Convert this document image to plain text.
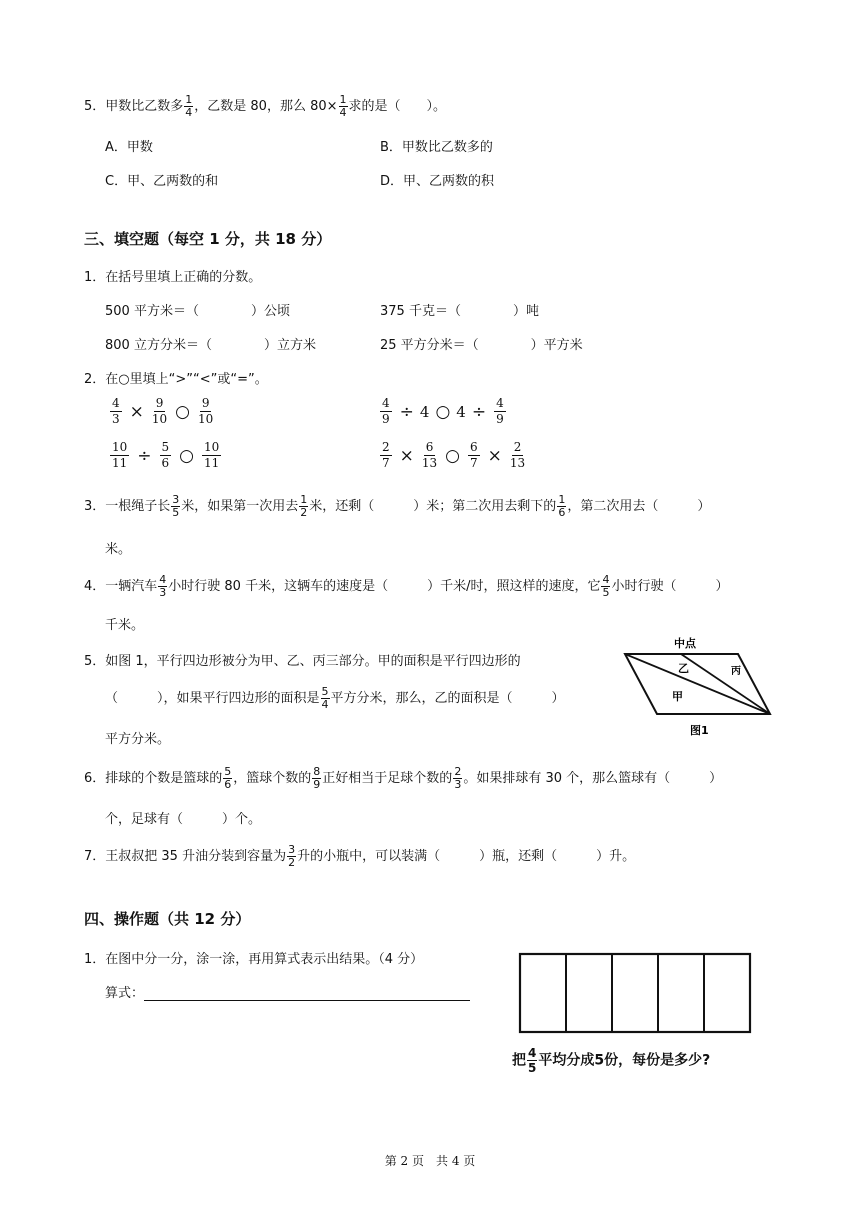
5．甲数比乙数多 $\frac{1}{4}$ ，乙数是 80，那么 $80\times \frac{1}{4}$ 求的是（　　）。
A．甲数	B．甲数比乙数多的
C．甲、乙两数的和	D．甲、乙两数的积
三、填空题（每空 1 分，共 18 分）
1．在括号里填上正确的分数。
500 平方米＝（　　　　）公顷	375 千克＝（　　　　）吨
800 立方分米＝（　　　　）立方米	25 平方分米＝（　　　　）平方米
2．在○里填上“>”“<”或“=”。
$\frac{4}{3} \times \frac{9}{10}$ ○ $\frac{9}{10}$	$\frac{4}{9} \div 4$ ○ $4 \div \frac{4}{9}$
$\frac{10}{11} \div \frac{5}{6}$ ○ $\frac{10}{11}$	$\frac{2}{7} \times \frac{6}{13}$ ○ $\frac{6}{7} \times \frac{2}{13}$
3．一根绳子长 $\frac{3}{5}$ 米，如果第一次用去 $\frac{1}{2}$ 米，还剩（　　　）米；第二次用去剩下的 $\frac{1}{6}$ ，第二次用去（　　　）
米。
4．一辆汽车 $\frac{4}{3}$ 小时行驶 80 千米，这辆车的速度是（　　　）千米/时，照这样的速度，它 $\frac{4}{5}$ 小时行驶（　　　）
千米。
5．如图 1，平行四边形被分为甲、乙、丙三部分。甲的面积是平行四边形的
（　　　），如果平行四边形的面积是 $\frac{5}{4}$ 平方分米，那么，乙的面积是（　　　）
平方分米。
中点
乙	丙
甲
图1
6．排球的个数是篮球的 $\frac{5}{6}$ ，篮球个数的 $\frac{8}{9}$ 正好相当于足球个数的 $\frac{2}{3}$ 。如果排球有 30 个，那么篮球有（　　　）
个，足球有（　　　）个。
7．王叔叔把 35 升油分装到容量为 $\frac{3}{2}$ 升的小瓶中，可以装满（　　　）瓶，还剩（　　　）升。
四、操作题（共 12 分）
1．在图中分一分，涂一涂，再用算式表示出结果。（4 分）
算式：
把 $\frac{4}{5}$ 平均分成5份，每份是多少?
第 2 页　共 4 页
